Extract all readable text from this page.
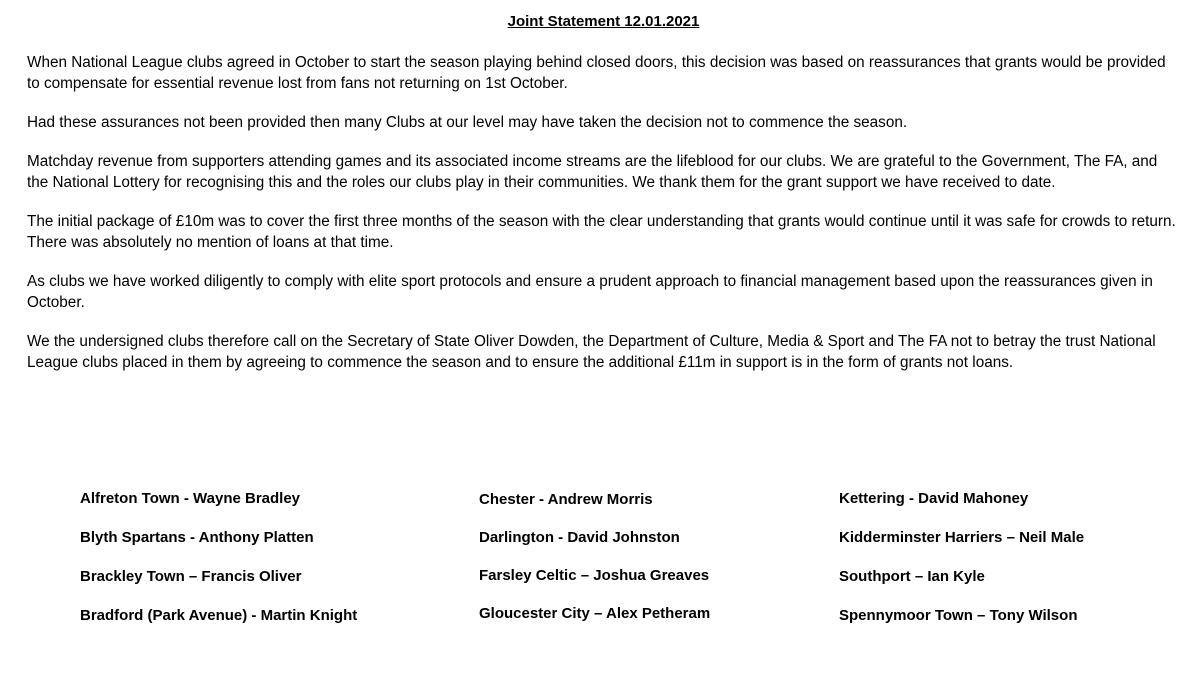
Joint Statement 12.01.2021

When National League clubs agreed in October to start the season playing behind closed doors, this decision was based on reassurances that grants would be provided to compensate for essential revenue lost from fans not returning on 1st October.

Had these assurances not been provided then many Clubs at our level may have taken the decision not to commence the season.

Matchday revenue from supporters attending games and its associated income streams are the lifeblood for our clubs. We are grateful to the Government, The FA, and the National Lottery for recognising this and the roles our clubs play in their communities. We thank them for the grant support we have received to date.

The initial package of £10m was to cover the first three months of the season with the clear understanding that grants would continue until it was safe for crowds to return. There was absolutely no mention of loans at that time.

As clubs we have worked diligently to comply with elite sport protocols and ensure a prudent approach to financial management based upon the reassurances given in October.

We the undersigned clubs therefore call on the Secretary of State Oliver Dowden, the Department of Culture, Media & Sport and The FA not to betray the trust National League clubs placed in them by agreeing to commence the season and to ensure the additional £11m in support is in the form of grants not loans.

Alfreton Town - Wayne Bradley
Blyth Spartans - Anthony Platten
Brackley Town – Francis Oliver
Bradford (Park Avenue) - Martin Knight
Chester - Andrew Morris
Darlington - David Johnston
Farsley Celtic – Joshua Greaves
Gloucester City – Alex Petheram
Kettering - David Mahoney
Kidderminster Harriers – Neil Male
Southport – Ian Kyle
Spennymoor Town – Tony Wilson
